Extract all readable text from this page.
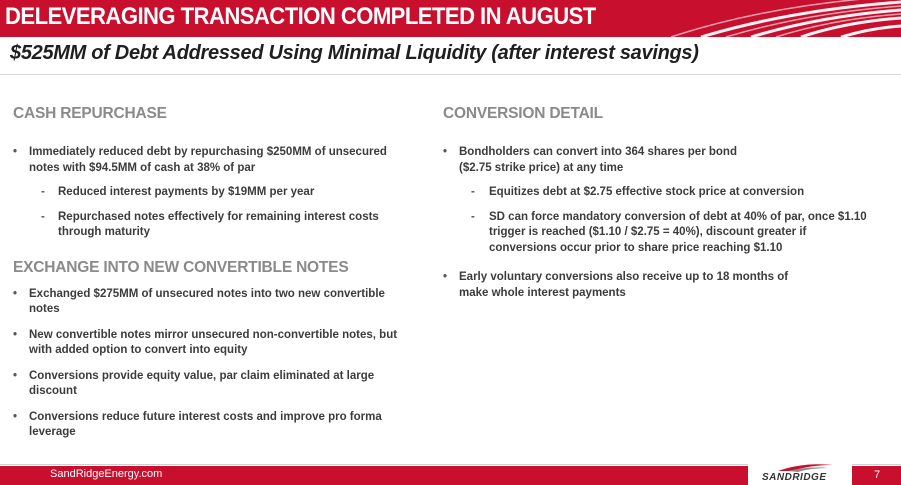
DELEVERAGING TRANSACTION COMPLETED IN AUGUST
$525MM of Debt Addressed Using Minimal Liquidity (after interest savings)
CASH REPURCHASE
• Immediately reduced debt by repurchasing $250MM of unsecured notes with $94.5MM of cash at 38% of par
- Reduced interest payments by $19MM per year
- Repurchased notes effectively for remaining interest costs through maturity
EXCHANGE INTO NEW CONVERTIBLE NOTES
• Exchanged $275MM of unsecured notes into two new convertible notes
• New convertible notes mirror unsecured non-convertible notes, but with added option to convert into equity
• Conversions provide equity value, par claim eliminated at large discount
• Conversions reduce future interest costs and improve pro forma leverage
CONVERSION DETAIL
• Bondholders can convert into 364 shares per bond ($2.75 strike price) at any time
- Equitizes debt at $2.75 effective stock price at conversion
- SD can force mandatory conversion of debt at 40% of par, once $1.10 trigger is reached ($1.10 / $2.75 = 40%), discount greater if conversions occur prior to share price reaching $1.10
• Early voluntary conversions also receive up to 18 months of make whole interest payments
SandRidgeEnergy.com	SANDRIDGE	7
